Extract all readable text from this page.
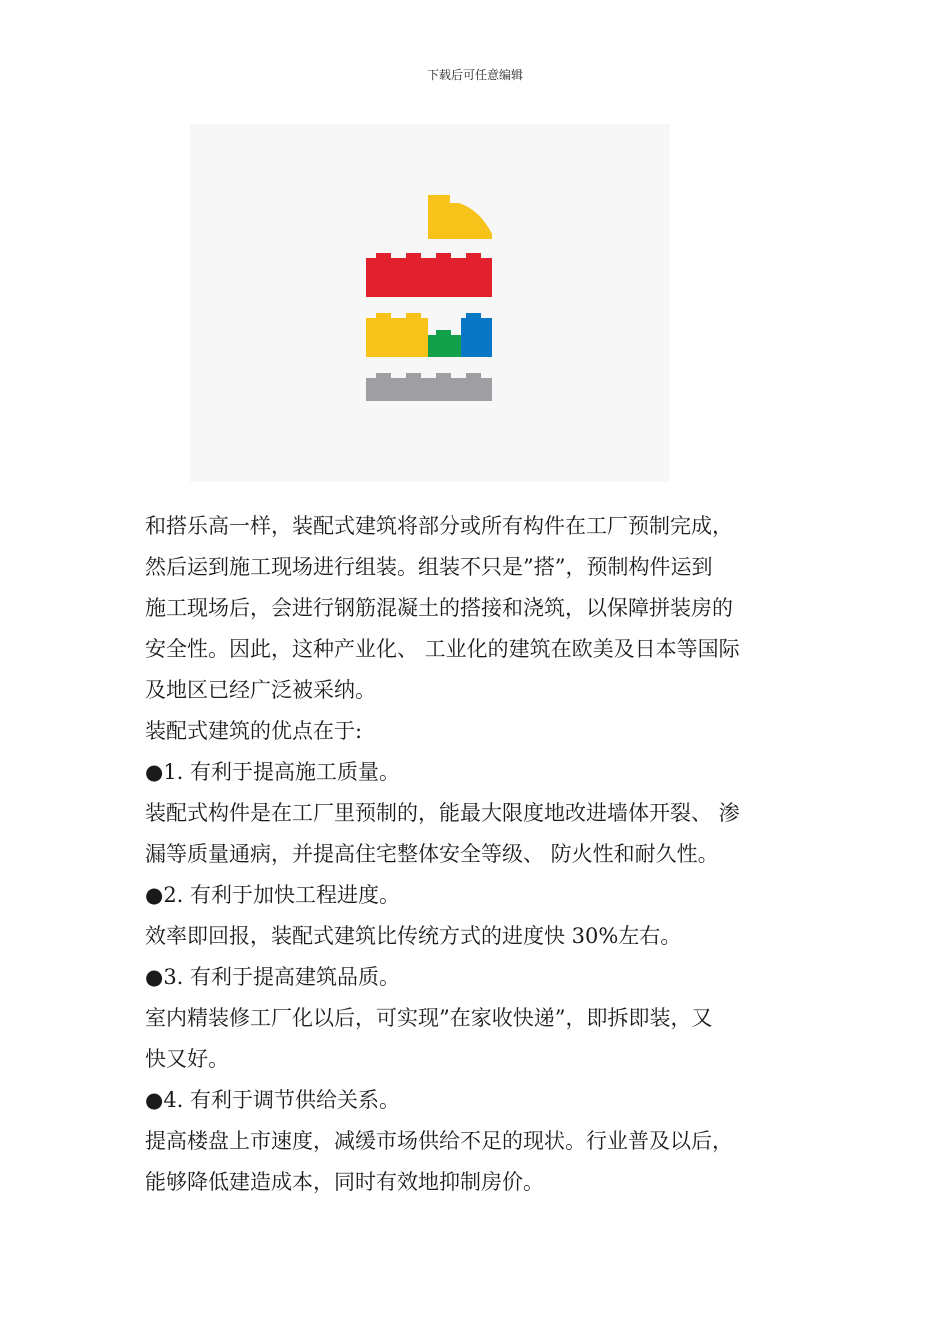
下载后可任意编辑
和搭乐高一样，装配式建筑将部分或所有构件在工厂预制完成，
然后运到施工现场进行组装。组装不只是”搭”，预制构件运到
施工现场后，会进行钢筋混凝土的搭接和浇筑，以保障拼装房的
安全性。因此，这种产业化、 工业化的建筑在欧美及日本等国际
及地区已经广泛被采纳。
装配式建筑的优点在于:
●1. 有利于提高施工质量。
装配式构件是在工厂里预制的，能最大限度地改进墙体开裂、 渗
漏等质量通病，并提高住宅整体安全等级、 防火性和耐久性。
●2. 有利于加快工程进度。
效率即回报，装配式建筑比传统方式的进度快 30%左右。
●3. 有利于提高建筑品质。
室内精装修工厂化以后，可实现”在家收快递”，即拆即装，又
快又好。
●4. 有利于调节供给关系。
提高楼盘上市速度，减缓市场供给不足的现状。行业普及以后，
能够降低建造成本，同时有效地抑制房价。
